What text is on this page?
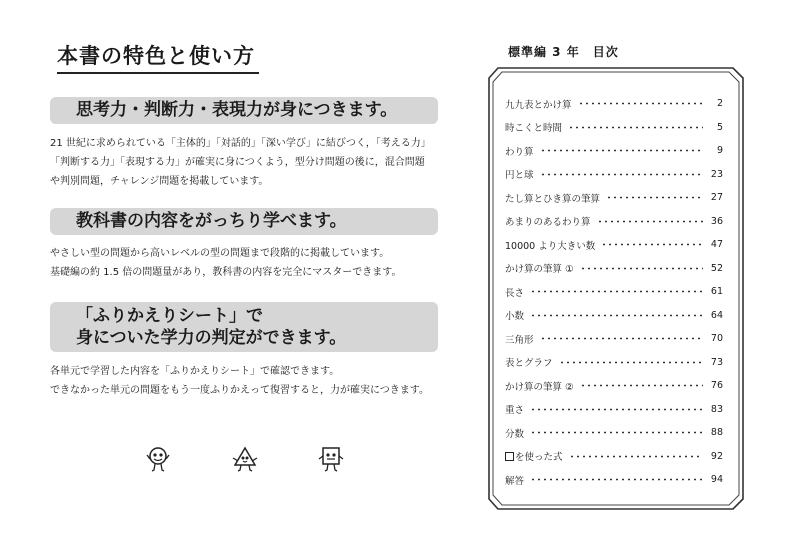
本書の特色と使い方
思考力・判断力・表現力が身につきます。
21 世紀に求められている「主体的」「対話的」「深い学び」に結びつく，「考える力」
「判断する力」「表現する力」が確実に身につくよう，型分け問題の後に，混合問題
や判別問題，チャレンジ問題を掲載しています。
教科書の内容をがっちり学べます。
やさしい型の問題から高いレベルの型の問題まで段階的に掲載しています。
基礎編の約 1.5 倍の問題量があり，教科書の内容を完全にマスターできます。
「ふりかえりシート」で
身についた学力の判定ができます。
各単元で学習した内容を「ふりかえりシート」で確認できます。
できなかった単元の問題をもう一度ふりかえって復習すると，力が確実につきます。
標準編 3 年　目次
九九表とかけ算	2
時こくと時間	5
わり算	9
円と球	23
たし算とひき算の筆算	27
あまりのあるわり算	36
10000 より大きい数	47
かけ算の筆算 ①	52
長さ	61
小数	64
三角形	70
表とグラフ	73
かけ算の筆算 ②	76
重さ	83
分数	88
を使った式	92
解答	94
